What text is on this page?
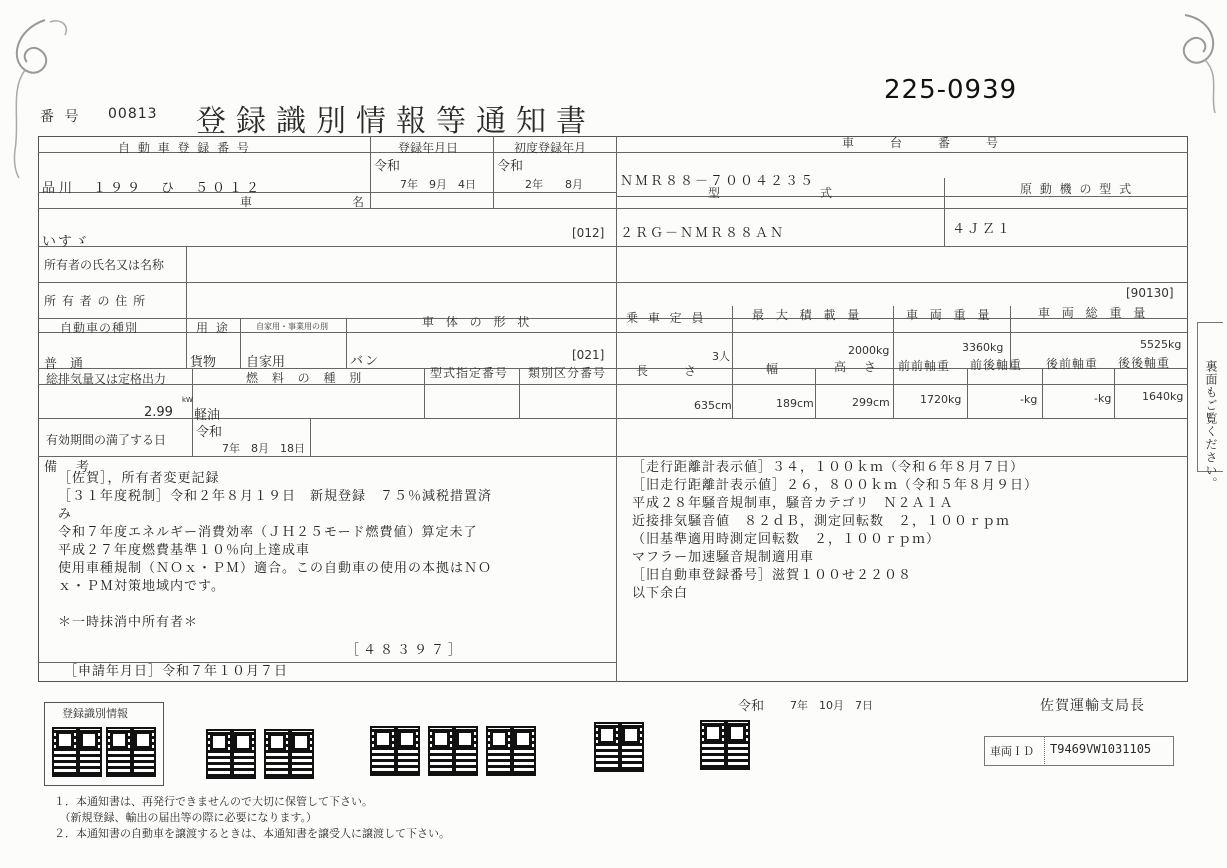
番 号 00813 登録識別情報等通知書
225-0939
自 動 車 登 録 番 号
品川　１９９　ひ　５０１２
登録年月日
令和
7年　9月　4日
初度登録年月
令和
2年　　8月
車　　台　　番　　号
ＮＭＲ８８－７００４２３５
車　　　　　　名
いすゞ
[012]
型　　　　　　式
２ＲＧ－ＮＭＲ８８ＡＮ
原 動 機 の 型 式
４ＪＺ１
所有者の氏名又は名称
所 有 者 の 住 所
[90130]
自動車の種別
普　通
用 途
貨物
自家用・事業用の別
自家用
車 体 の 形 状
バン	[021]
乗 車 定 員
3人
最 大 積 載 量
2000kg
車 両 重 量
3360kg
車 両 総 重 量
5525kg
総排気量又は定格出力
2.99
kW
燃 料 の 種 別
軽油
型式指定番号 類別区分番号 長　　さ
635cm
幅
189cm
高　さ
299cm
前前軸重
1720kg
前後軸重
-kg
後前軸重
-kg
後後軸重
1640kg
有効期間の満了する日 令和
7年　8月　18日
備　考
［佐賀］，所有者変更記録
［３１年度税制］令和２年８月１９日　新規登録　７５％減税措置済
み
令和７年度エネルギー消費効率（ＪＨ２５モード燃費値）算定未了
平成２７年度燃費基準１０％向上達成車
使用車種規制（ＮＯｘ・ＰＭ）適合。この自動車の使用の本拠はＮＯ
ｘ・ＰＭ対策地域内です。
＊一時抹消中所有者＊
［４８３９７］
［申請年月日］令和７年１０月７日
［走行距離計表示値］３４，１００ｋｍ（令和６年８月７日）
［旧走行距離計表示値］２６，８００ｋｍ（令和５年８月９日）
平成２８年騒音規制車，騒音カテゴリ　Ｎ２Ａ１Ａ
近接排気騒音値　８２ｄＢ，測定回転数　２，１００ｒｐｍ
（旧基準適用時測定回転数　２，１００ｒｐｍ）
マフラー加速騒音規制適用車
［旧自動車登録番号］滋賀１００せ２２０８
以下余白
裏面もご覧ください。
令和 7年　10月　7日	佐賀運輸支局長
登録識別情報
車両ＩＤ T9469VW1031105
１．本通知書は、再発行できませんので大切に保管して下さい。
　（新規登録、輸出の届出等の際に必要になります。）
２．本通知書の自動車を譲渡するときは、本通知書を譲受人に譲渡して下さい。
